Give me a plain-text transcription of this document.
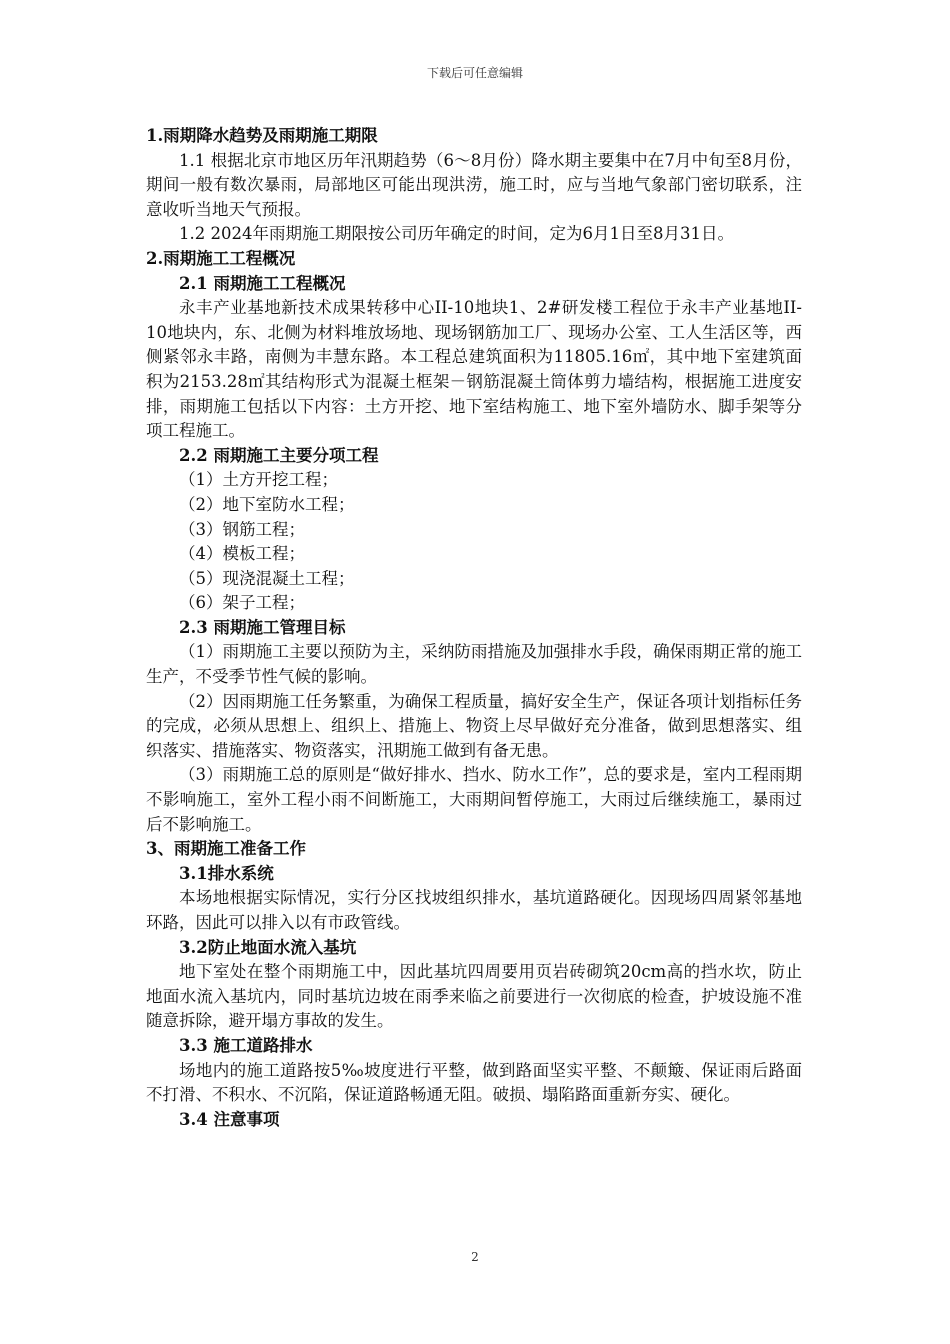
下载后可任意编辑

1.雨期降水趋势及雨期施工期限

1.1 根据北京市地区历年汛期趋势（6～8月份）降水期主要集中在7月中旬至8月份，期间一般有数次暴雨，局部地区可能出现洪涝，施工时，应与当地气象部门密切联系，注意收听当地天气预报。

1.2 2024年雨期施工期限按公司历年确定的时间，定为6月1日至8月31日。

2.雨期施工工程概况

2.1 雨期施工工程概况

永丰产业基地新技术成果转移中心II-10地块1、2#研发楼工程位于永丰产业基地II-10地块内，东、北侧为材料堆放场地、现场钢筋加工厂、现场办公室、工人生活区等，西侧紧邻永丰路，南侧为丰慧东路。本工程总建筑面积为11805.16㎡，其中地下室建筑面积为2153.28㎡其结构形式为混凝土框架－钢筋混凝土筒体剪力墙结构，根据施工进度安排，雨期施工包括以下内容：土方开挖、地下室结构施工、地下室外墙防水、脚手架等分项工程施工。

2.2 雨期施工主要分项工程

（1）土方开挖工程；

（2）地下室防水工程；

（3）钢筋工程；

（4）模板工程；

（5）现浇混凝土工程；

（6）架子工程；

2.3 雨期施工管理目标

（1）雨期施工主要以预防为主，采纳防雨措施及加强排水手段，确保雨期正常的施工生产，不受季节性气候的影响。

（2）因雨期施工任务繁重，为确保工程质量，搞好安全生产，保证各项计划指标任务的完成，必须从思想上、组织上、措施上、物资上尽早做好充分准备，做到思想落实、组织落实、措施落实、物资落实，汛期施工做到有备无患。

（3）雨期施工总的原则是“做好排水、挡水、防水工作”，总的要求是，室内工程雨期不影响施工，室外工程小雨不间断施工，大雨期间暂停施工，大雨过后继续施工，暴雨过后不影响施工。

3、雨期施工准备工作

3.1排水系统

本场地根据实际情况，实行分区找坡组织排水，基坑道路硬化。因现场四周紧邻基地环路，因此可以排入以有市政管线。

3.2防止地面水流入基坑

地下室处在整个雨期施工中，因此基坑四周要用页岩砖砌筑20cm高的挡水坎，防止地面水流入基坑内，同时基坑边坡在雨季来临之前要进行一次彻底的检查，护坡设施不准随意拆除，避开塌方事故的发生。

3.3 施工道路排水

场地内的施工道路按5‰坡度进行平整，做到路面坚实平整、不颠簸、保证雨后路面不打滑、不积水、不沉陷，保证道路畅通无阻。破损、塌陷路面重新夯实、硬化。

3.4 注意事项

2
